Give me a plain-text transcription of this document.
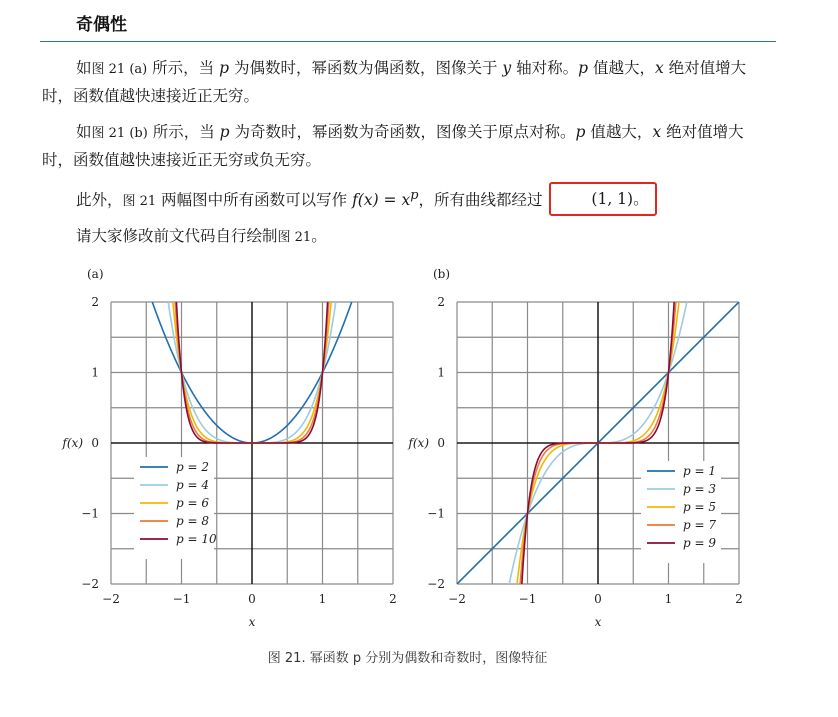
奇偶性
如图 21 (a) 所示，当 p 为偶数时，幂函数为偶函数，图像关于 y 轴对称。p 值越大，x 绝对值增大时，函数值越快速接近正无穷。
如图 21 (b) 所示，当 p 为奇数时，幂函数为奇函数，图像关于原点对称。p 值越大，x 绝对值增大时，函数值越快速接近正无穷或负无穷。
此外，图 21 两幅图中所有函数可以写作 $f(x) = x^p$，所有曲线都经过	(1, 1)。
请大家修改前文代码自行绘制图 21。
(a)
2
1
0
−1
−2
−2	−1	0	1	2
x
f(x)
p = 2
p = 4
p = 6
p = 8
p = 10
(b)
2
1
0
−1
−2
−2	−1	0	1	2
x
f(x)
p = 1
p = 3
p = 5
p = 7
p = 9
图 21. 幂函数 p 分别为偶数和奇数时，图像特征
